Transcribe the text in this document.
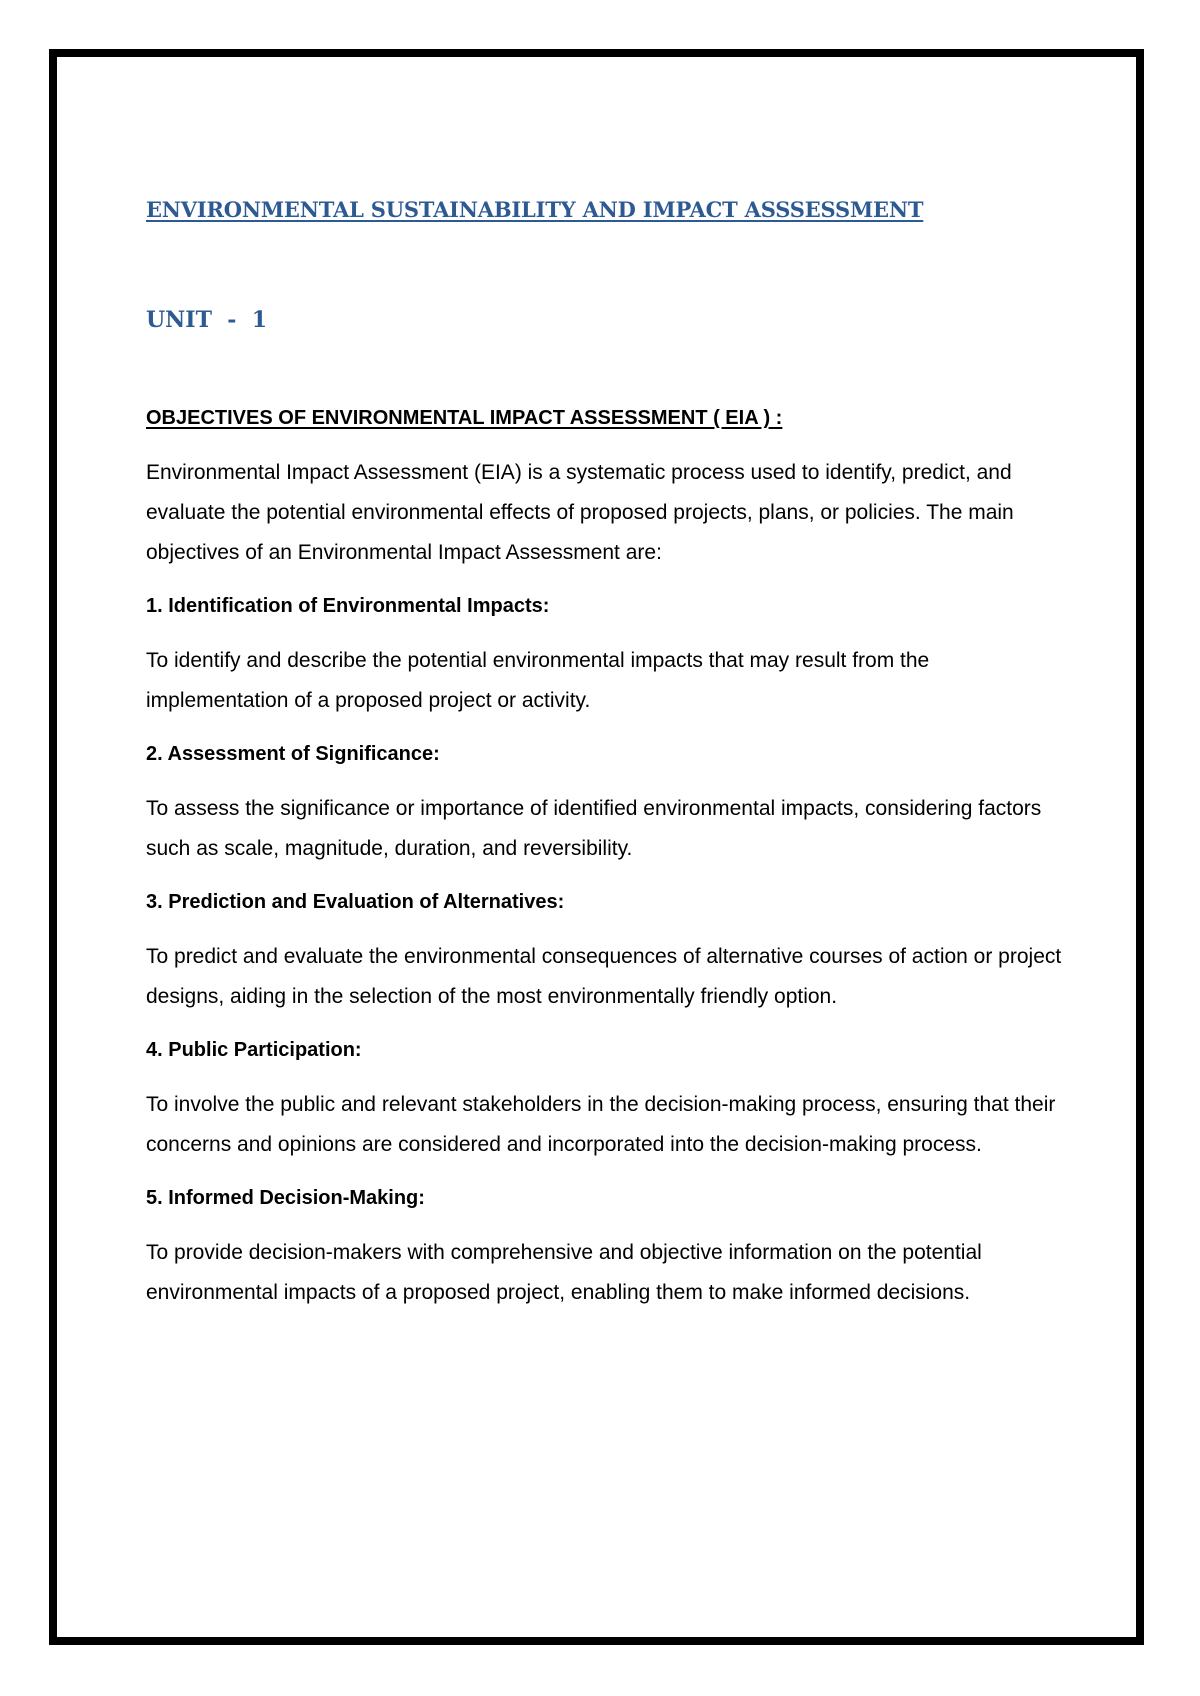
ENVIRONMENTAL SUSTAINABILITY AND IMPACT ASSSESSMENT
UNIT  -  1
OBJECTIVES OF ENVIRONMENTAL IMPACT ASSESSMENT ( EIA ) :

Environmental Impact Assessment (EIA) is a systematic process used to identify, predict, and evaluate the potential environmental effects of proposed projects, plans, or policies. The main objectives of an Environmental Impact Assessment are:

1. Identification of Environmental Impacts:

To identify and describe the potential environmental impacts that may result from the implementation of a proposed project or activity.

2. Assessment of Significance:

To assess the significance or importance of identified environmental impacts, considering factors such as scale, magnitude, duration, and reversibility.

3. Prediction and Evaluation of Alternatives:

To predict and evaluate the environmental consequences of alternative courses of action or project designs, aiding in the selection of the most environmentally friendly option.

4. Public Participation:

To involve the public and relevant stakeholders in the decision-making process, ensuring that their concerns and opinions are considered and incorporated into the decision-making process.

5. Informed Decision-Making:

To provide decision-makers with comprehensive and objective information on the potential environmental impacts of a proposed project, enabling them to make informed decisions.
